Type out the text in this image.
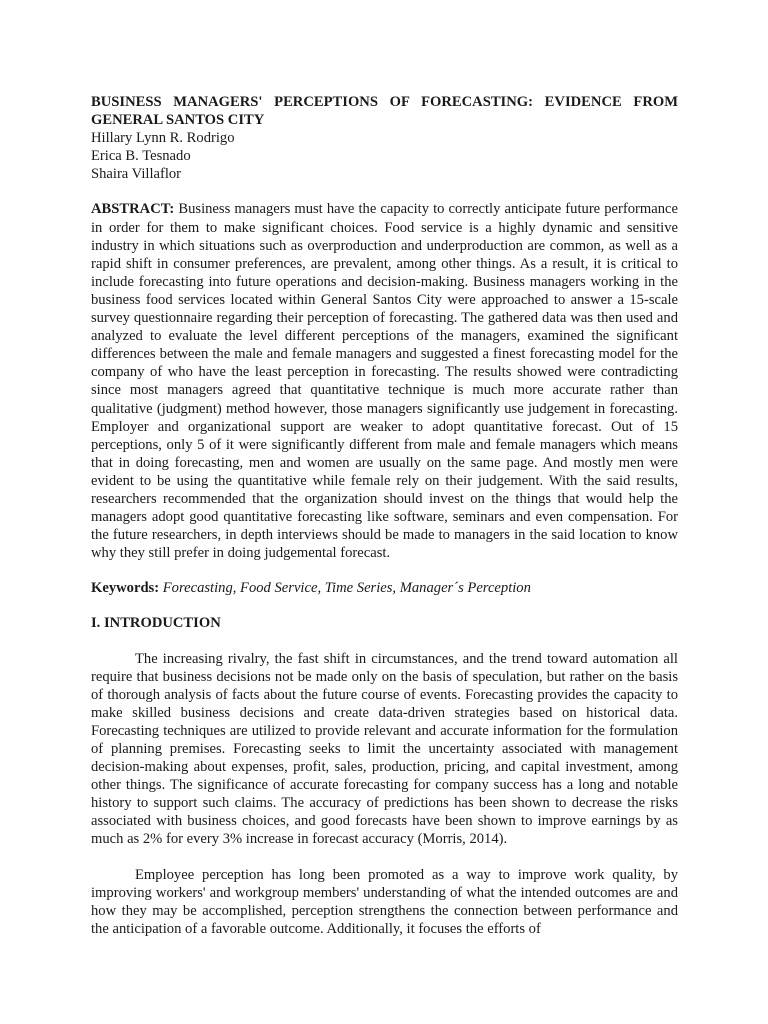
BUSINESS MANAGERS' PERCEPTIONS OF FORECASTING: EVIDENCE FROM GENERAL SANTOS CITY

Hillary Lynn R. Rodrigo

Erica B. Tesnado

Shaira Villaflor

ABSTRACT: Business managers must have the capacity to correctly anticipate future performance in order for them to make significant choices. Food service is a highly dynamic and sensitive industry in which situations such as overproduction and underproduction are common, as well as a rapid shift in consumer preferences, are prevalent, among other things. As a result, it is critical to include forecasting into future operations and decision-making. Business managers working in the business food services located within General Santos City were approached to answer a 15-scale survey questionnaire regarding their perception of forecasting. The gathered data was then used and analyzed to evaluate the level different perceptions of the managers, examined the significant differences between the male and female managers and suggested a finest forecasting model for the company of who have the least perception in forecasting. The results showed were contradicting since most managers agreed that quantitative technique is much more accurate rather than qualitative (judgment) method however, those managers significantly use judgement in forecasting. Employer and organizational support are weaker to adopt quantitative forecast. Out of 15 perceptions, only 5 of it were significantly different from male and female managers which means that in doing forecasting, men and women are usually on the same page. And mostly men were evident to be using the quantitative while female rely on their judgement. With the said results, researchers recommended that the organization should invest on the things that would help the managers adopt good quantitative forecasting like software, seminars and even compensation. For the future researchers, in depth interviews should be made to managers in the said location to know why they still prefer in doing judgemental forecast.

Keywords: Forecasting, Food Service, Time Series, Manager´s Perception

I. INTRODUCTION

The increasing rivalry, the fast shift in circumstances, and the trend toward automation all require that business decisions not be made only on the basis of speculation, but rather on the basis of thorough analysis of facts about the future course of events. Forecasting provides the capacity to make skilled business decisions and create data-driven strategies based on historical data. Forecasting techniques are utilized to provide relevant and accurate information for the formulation of planning premises. Forecasting seeks to limit the uncertainty associated with management decision-making about expenses, profit, sales, production, pricing, and capital investment, among other things. The significance of accurate forecasting for company success has a long and notable history to support such claims. The accuracy of predictions has been shown to decrease the risks associated with business choices, and good forecasts have been shown to improve earnings by as much as 2% for every 3% increase in forecast accuracy (Morris, 2014).

Employee perception has long been promoted as a way to improve work quality, by improving workers' and workgroup members' understanding of what the intended outcomes are and how they may be accomplished, perception strengthens the connection between performance and the anticipation of a favorable outcome. Additionally, it focuses the efforts of
